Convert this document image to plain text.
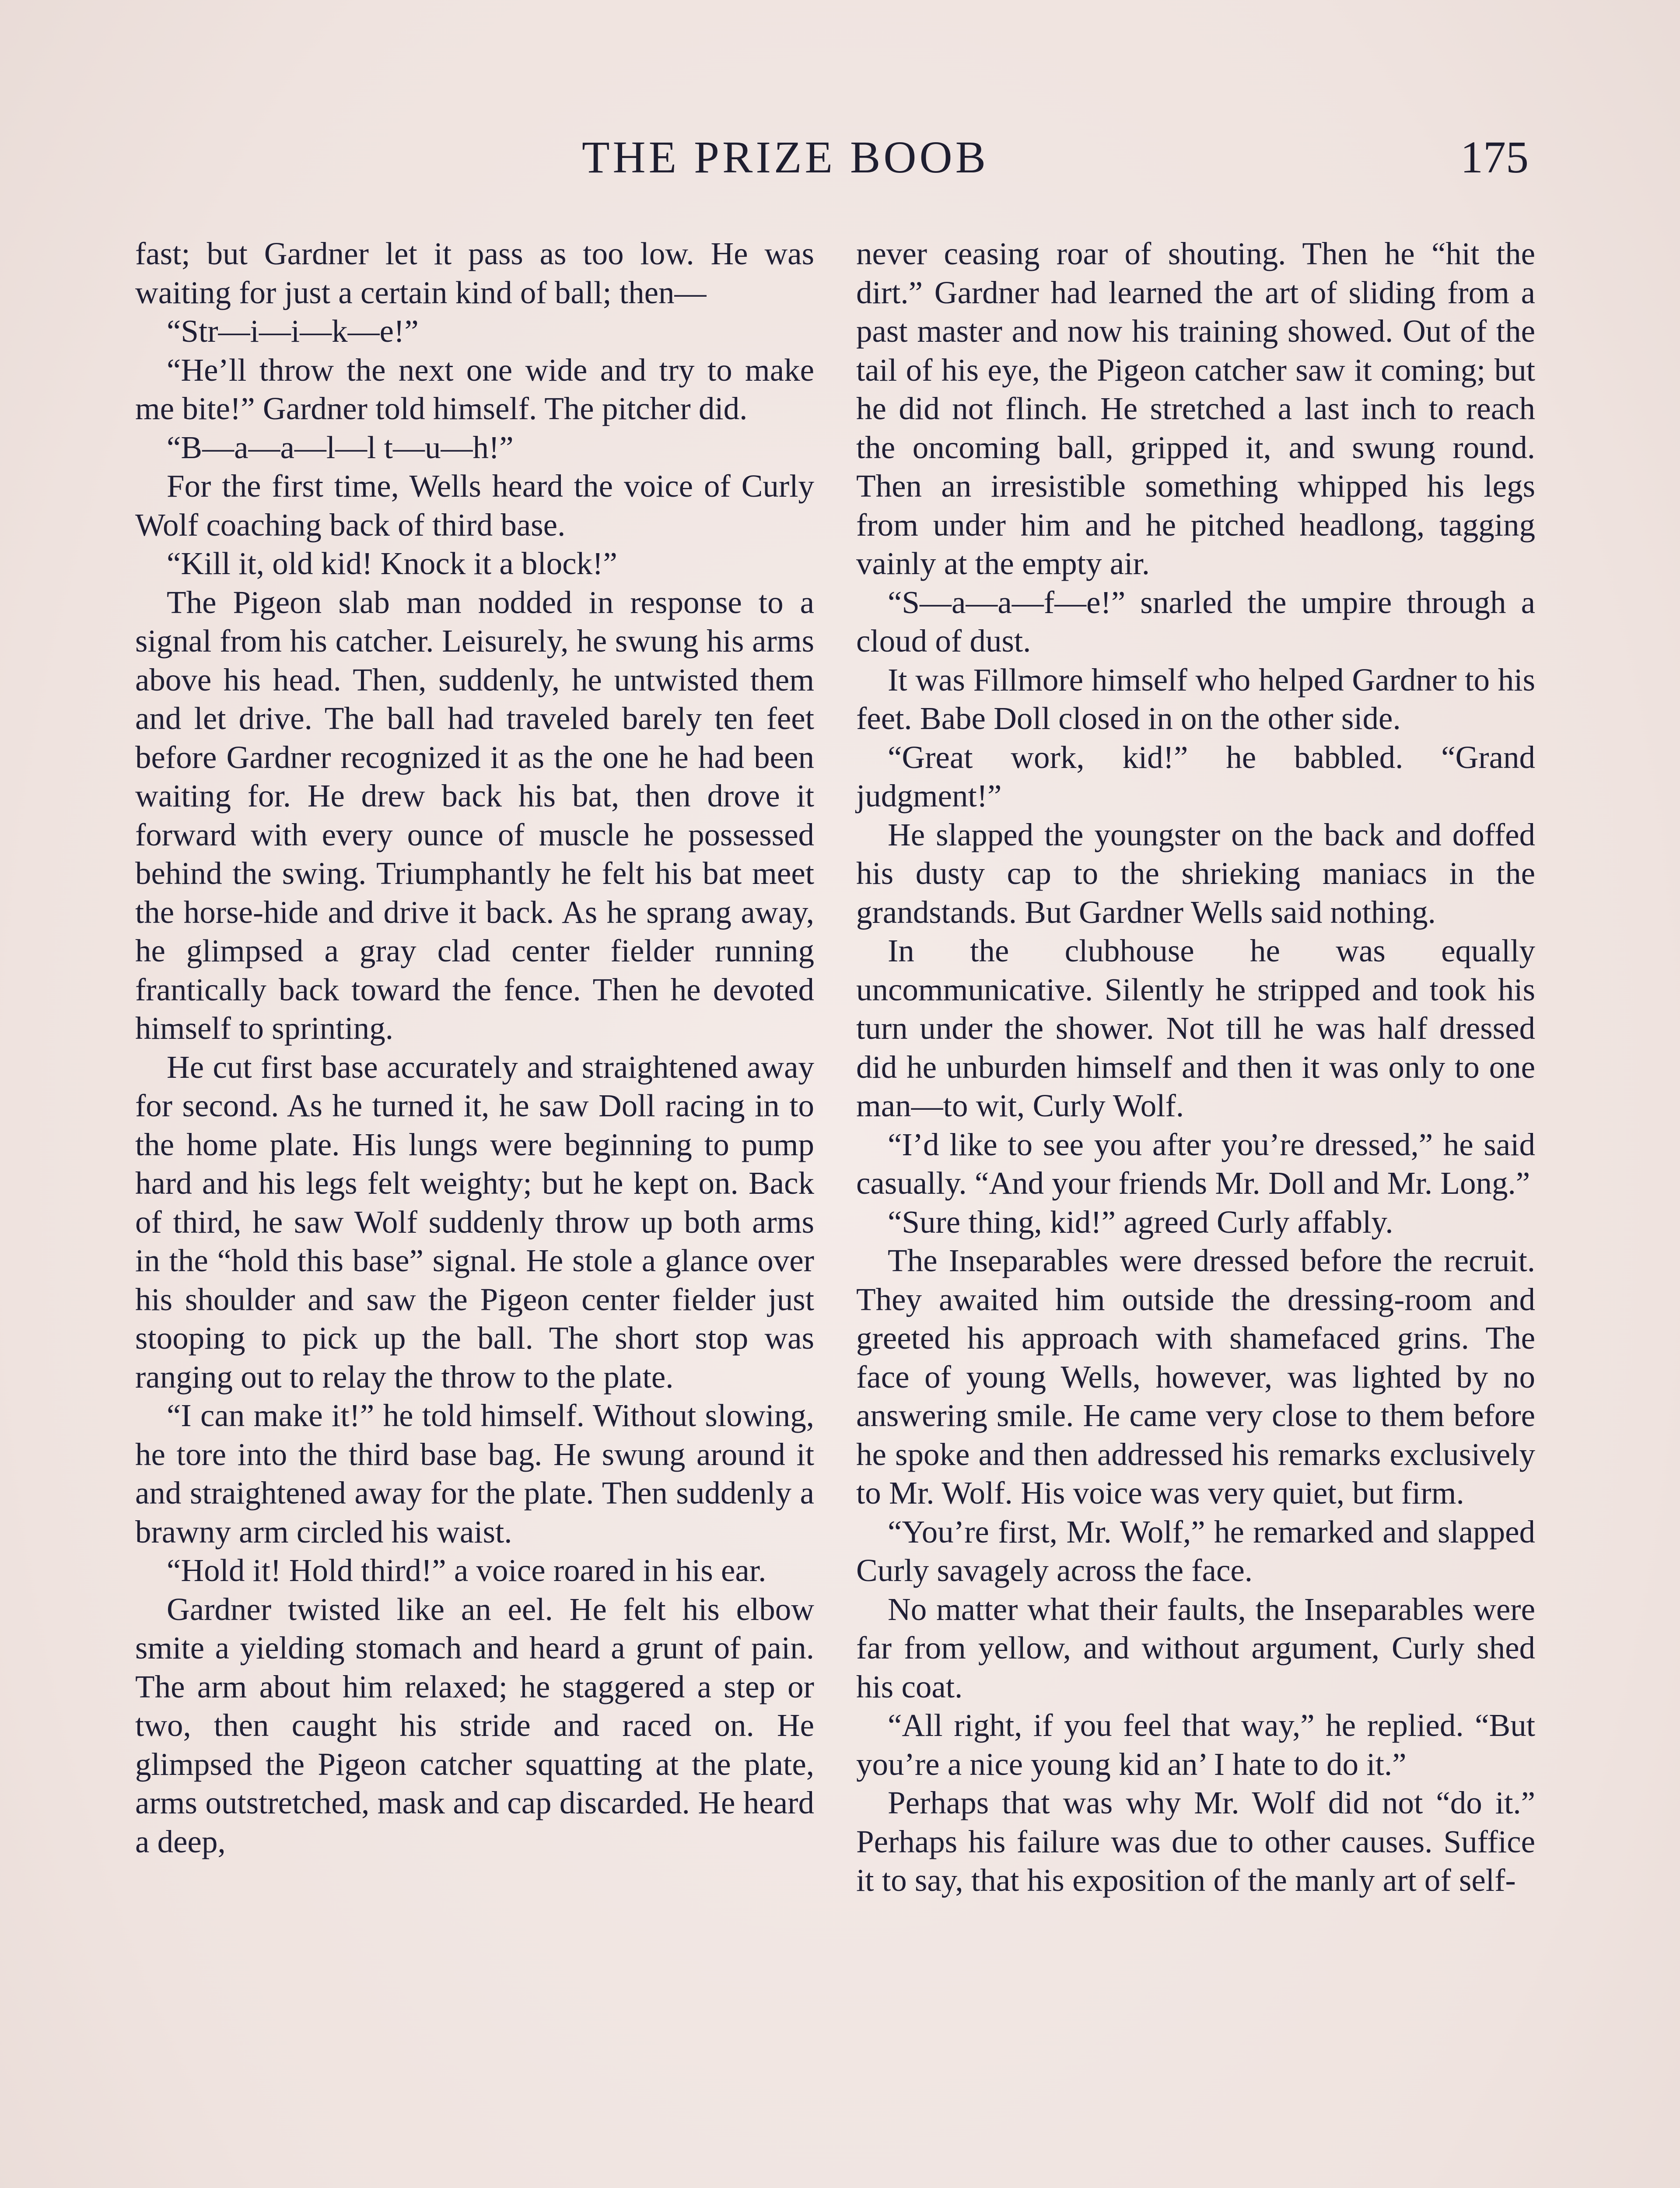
THE PRIZE BOOB	175

fast; but Gardner let it pass as too low. He was waiting for just a certain kind of ball; then—

“Str—i—i—k—e!”

“He’ll throw the next one wide and try to make me bite!” Gardner told himself. The pitcher did.

“B—a—a—l—l t—u—h!”

For the first time, Wells heard the voice of Curly Wolf coaching back of third base.

“Kill it, old kid! Knock it a block!”

The Pigeon slab man nodded in response to a signal from his catcher. Leisurely, he swung his arms above his head. Then, suddenly, he untwisted them and let drive. The ball had traveled barely ten feet before Gardner recognized it as the one he had been waiting for. He drew back his bat, then drove it forward with every ounce of muscle he possessed behind the swing. Triumphantly he felt his bat meet the horse-hide and drive it back. As he sprang away, he glimpsed a gray clad center fielder running frantically back toward the fence. Then he devoted himself to sprinting.

He cut first base accurately and straightened away for second. As he turned it, he saw Doll racing in to the home plate. His lungs were beginning to pump hard and his legs felt weighty; but he kept on. Back of third, he saw Wolf suddenly throw up both arms in the “hold this base” signal. He stole a glance over his shoulder and saw the Pigeon center fielder just stooping to pick up the ball. The short stop was ranging out to relay the throw to the plate.

“I can make it!” he told himself. Without slowing, he tore into the third base bag. He swung around it and straightened away for the plate. Then suddenly a brawny arm circled his waist.

“Hold it! Hold third!” a voice roared in his ear.

Gardner twisted like an eel. He felt his elbow smite a yielding stomach and heard a grunt of pain. The arm about him relaxed; he staggered a step or two, then caught his stride and raced on. He glimpsed the Pigeon catcher squatting at the plate, arms outstretched, mask and cap discarded. He heard a deep,

never ceasing roar of shouting. Then he “hit the dirt.” Gardner had learned the art of sliding from a past master and now his training showed. Out of the tail of his eye, the Pigeon catcher saw it coming; but he did not flinch. He stretched a last inch to reach the oncoming ball, gripped it, and swung round. Then an irresistible something whipped his legs from under him and he pitched headlong, tagging vainly at the empty air.

“S—a—a—f—e!” snarled the umpire through a cloud of dust.

It was Fillmore himself who helped Gardner to his feet. Babe Doll closed in on the other side.

“Great work, kid!” he babbled. “Grand judgment!”

He slapped the youngster on the back and doffed his dusty cap to the shrieking maniacs in the grandstands. But Gardner Wells said nothing.

In the clubhouse he was equally uncommunicative. Silently he stripped and took his turn under the shower. Not till he was half dressed did he unburden himself and then it was only to one man—to wit, Curly Wolf.

“I’d like to see you after you’re dressed,” he said casually. “And your friends Mr. Doll and Mr. Long.”

“Sure thing, kid!” agreed Curly affably.

The Inseparables were dressed before the recruit. They awaited him outside the dressing-room and greeted his approach with shamefaced grins. The face of young Wells, however, was lighted by no answering smile. He came very close to them before he spoke and then addressed his remarks exclusively to Mr. Wolf. His voice was very quiet, but firm.

“You’re first, Mr. Wolf,” he remarked and slapped Curly savagely across the face.

No matter what their faults, the Inseparables were far from yellow, and without argument, Curly shed his coat.

“All right, if you feel that way,” he replied. “But you’re a nice young kid an’ I hate to do it.”

Perhaps that was why Mr. Wolf did not “do it.” Perhaps his failure was due to other causes. Suffice it to say, that his exposition of the manly art of self-
